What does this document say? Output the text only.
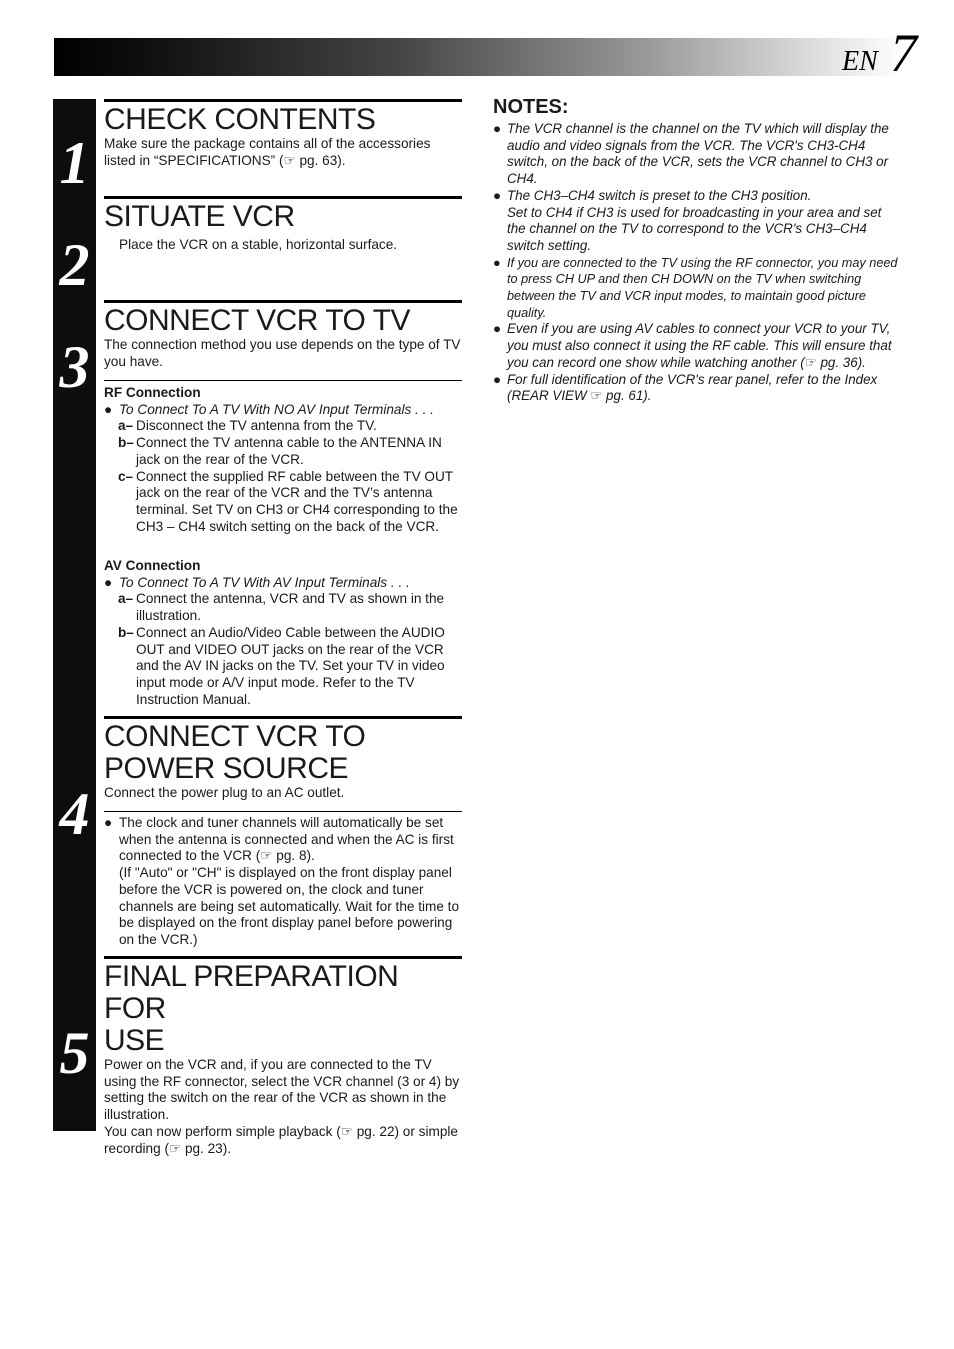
EN 7
1
2
3
4
5
CHECK CONTENTS

Make sure the package contains all of the accessories listed in “SPECIFICATIONS” (☞ pg. 63).

SITUATE VCR

Place the VCR on a stable, horizontal surface.

CONNECT VCR TO TV

The connection method you use depends on the type of TV you have.

RF Connection

● To Connect To A TV With NO AV Input Terminals . . .

a– Disconnect the TV antenna from the TV.

b– Connect the TV antenna cable to the ANTENNA IN jack on the rear of the VCR.

c– Connect the supplied RF cable between the TV OUT jack on the rear of the VCR and the TV’s antenna terminal. Set TV on CH3 or CH4 corresponding to the CH3 – CH4 switch setting on the back of the VCR.

AV Connection

● To Connect To A TV With AV Input Terminals . . .

a– Connect the antenna, VCR and TV as shown in the illustration.

b– Connect an Audio/Video Cable between the AUDIO OUT and VIDEO OUT jacks on the rear of the VCR and the AV IN jacks on the TV. Set your TV in video input mode or A/V input mode. Refer to the TV Instruction Manual.

CONNECT VCR TO
POWER SOURCE

Connect the power plug to an AC outlet.

● The clock and tuner channels will automatically be set when the antenna is connected and when the AC is first connected to the VCR (☞ pg. 8).

(If "Auto" or "CH" is displayed on the front display panel before the VCR is powered on, the clock and tuner channels are being set automatically. Wait for the time to be displayed on the front display panel before powering on the VCR.)

FINAL PREPARATION FOR
USE

Power on the VCR and, if you are connected to the TV using the RF connector, select the VCR channel (3 or 4) by setting the switch on the rear of the VCR as shown in the illustration.

You can now perform simple playback (☞ pg. 22) or simple recording (☞ pg. 23).

NOTES:

● The VCR channel is the channel on the TV which will display the audio and video signals from the VCR. The VCR's CH3-CH4 switch, on the back of the VCR, sets the VCR channel to CH3 or CH4.

● The CH3–CH4 switch is preset to the CH3 position.

Set to CH4 if CH3 is used for broadcasting in your area and set the channel on the TV to correspond to the VCR's CH3–CH4 switch setting.

● If you are connected to the TV using the RF connector, you may need to press CH UP and then CH DOWN on the TV when switching between the TV and VCR input modes, to maintain good picture quality.

● Even if you are using AV cables to connect your VCR to your TV, you must also connect it using the RF cable. This will ensure that you can record one show while watching another (☞ pg. 36).

● For full identification of the VCR's rear panel, refer to the Index (REAR VIEW ☞ pg. 61).
